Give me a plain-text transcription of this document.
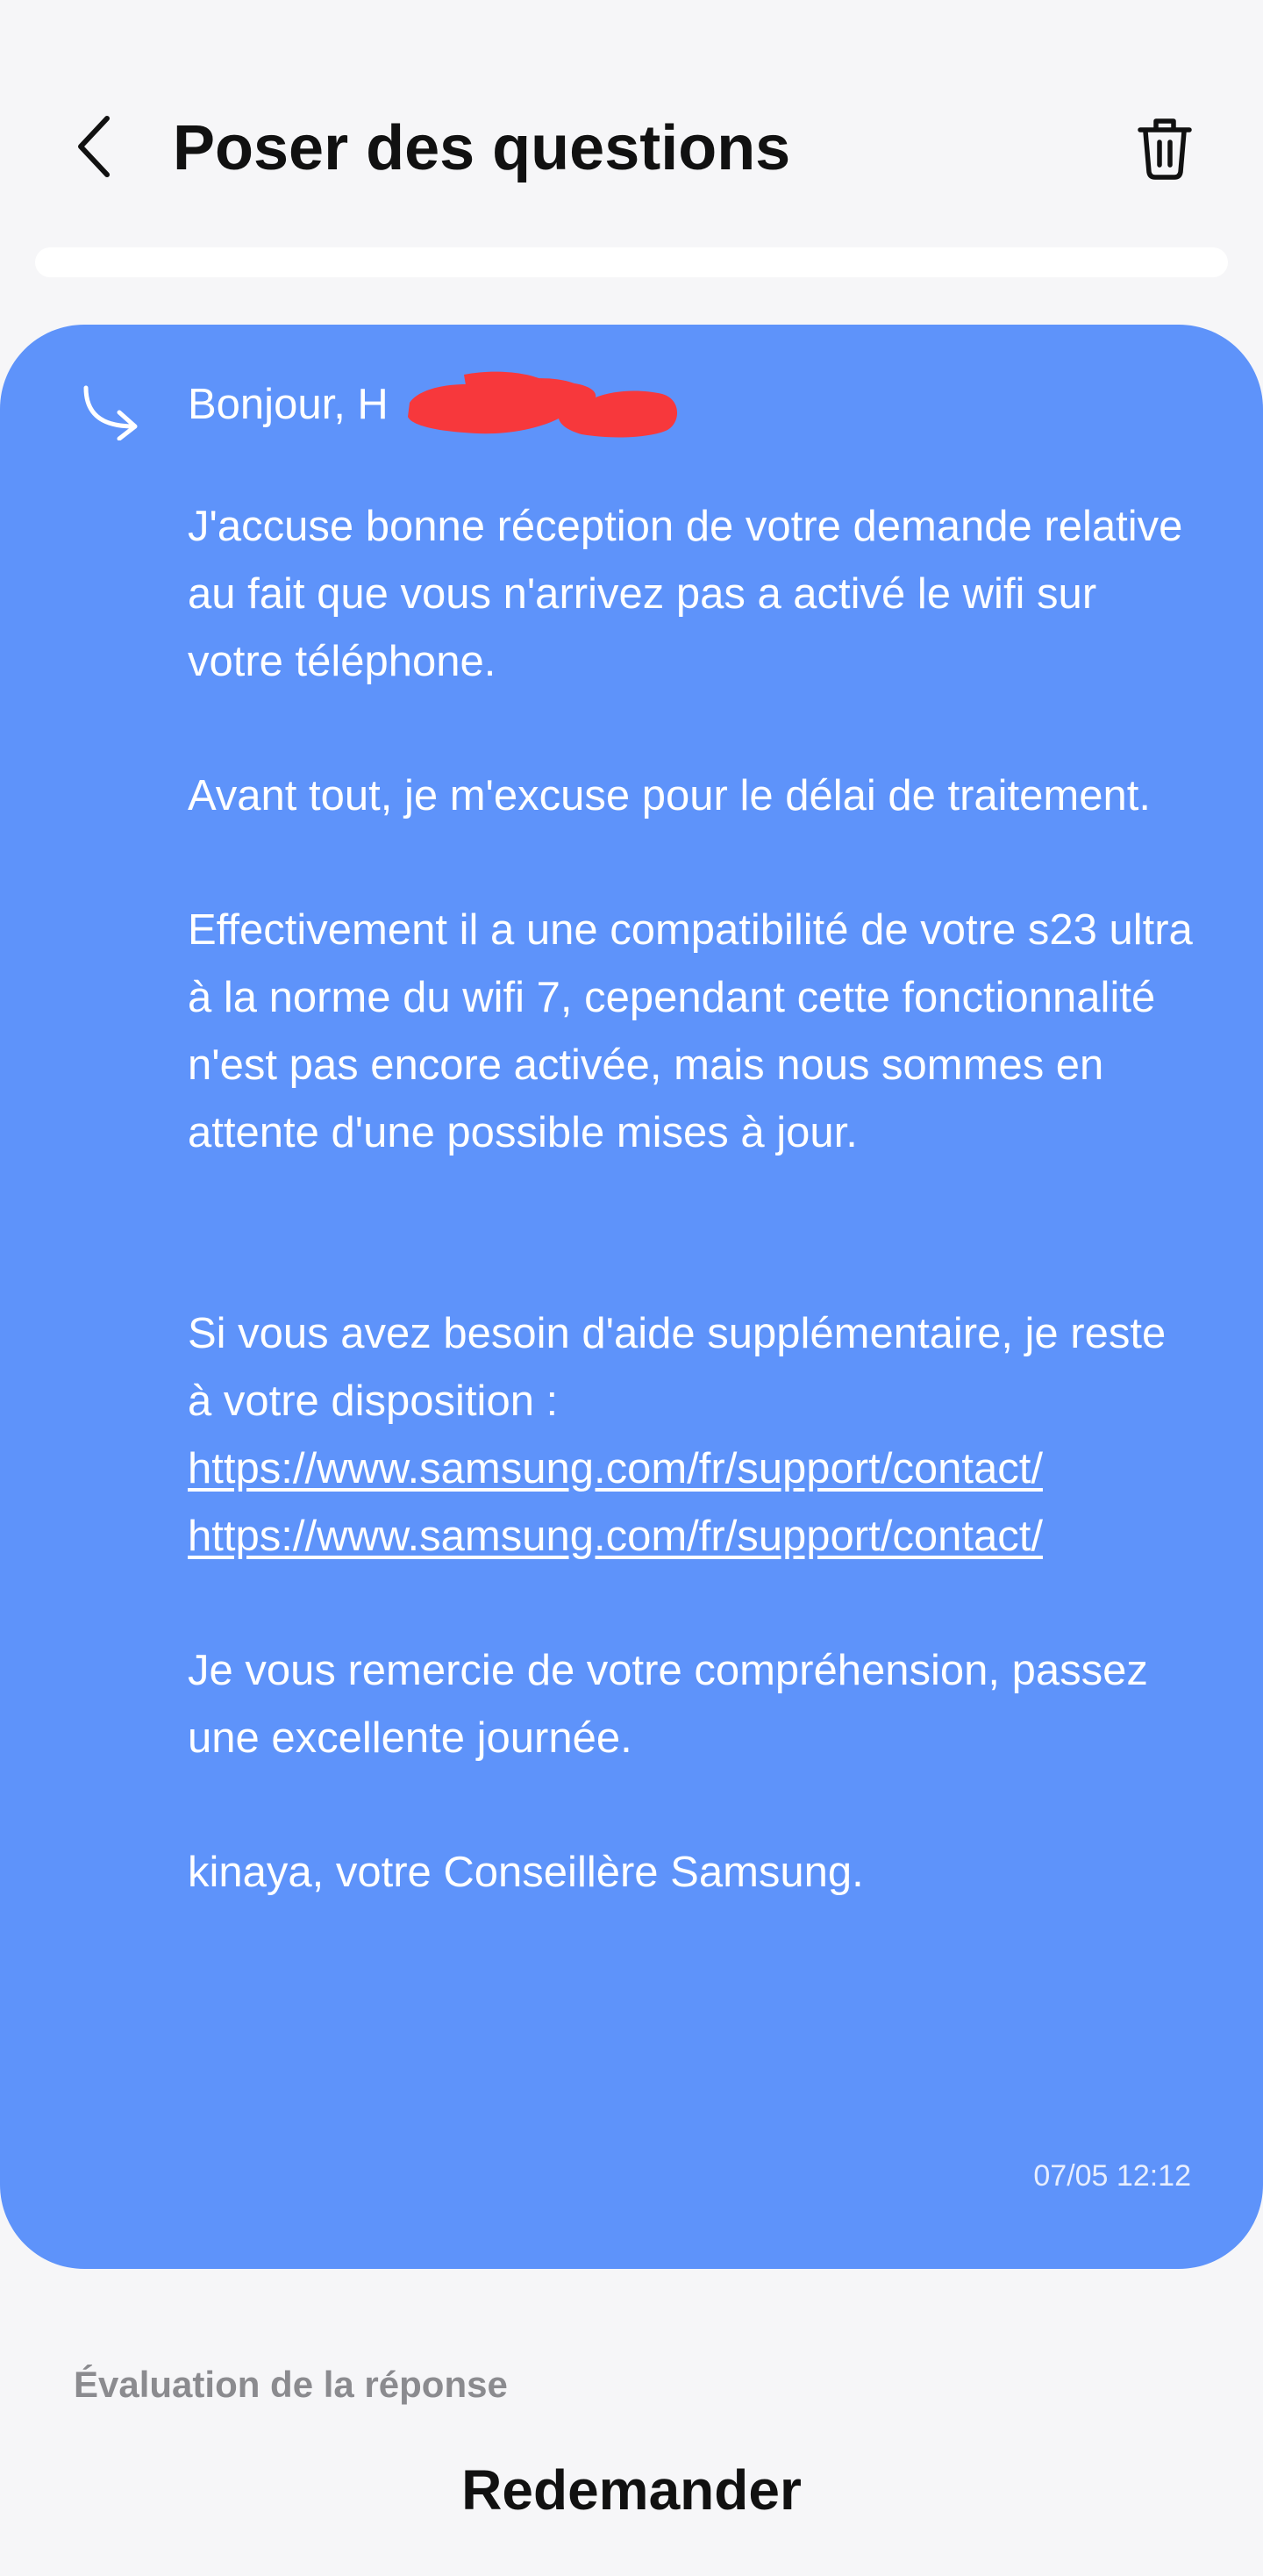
Poser des questions

Bonjour, H

J'accuse bonne réception de votre demande relative au fait que vous n'arrivez pas a activé le wifi sur votre téléphone.

Avant tout, je m'excuse pour le délai de traitement.

Effectivement il a une compatibilité de votre s23 ultra à la norme du wifi 7, cependant cette fonctionnalité n'est pas encore activée, mais nous sommes en attente d'une possible mises à jour.

Si vous avez besoin d'aide supplémentaire, je reste à votre disposition :
https://www.samsung.com/fr/support/contact/
https://www.samsung.com/fr/support/contact/

Je vous remercie de votre compréhension, passez une excellente journée.

kinaya, votre Conseillère Samsung.

07/05 12:12
Évaluation de la réponse
Redemander
